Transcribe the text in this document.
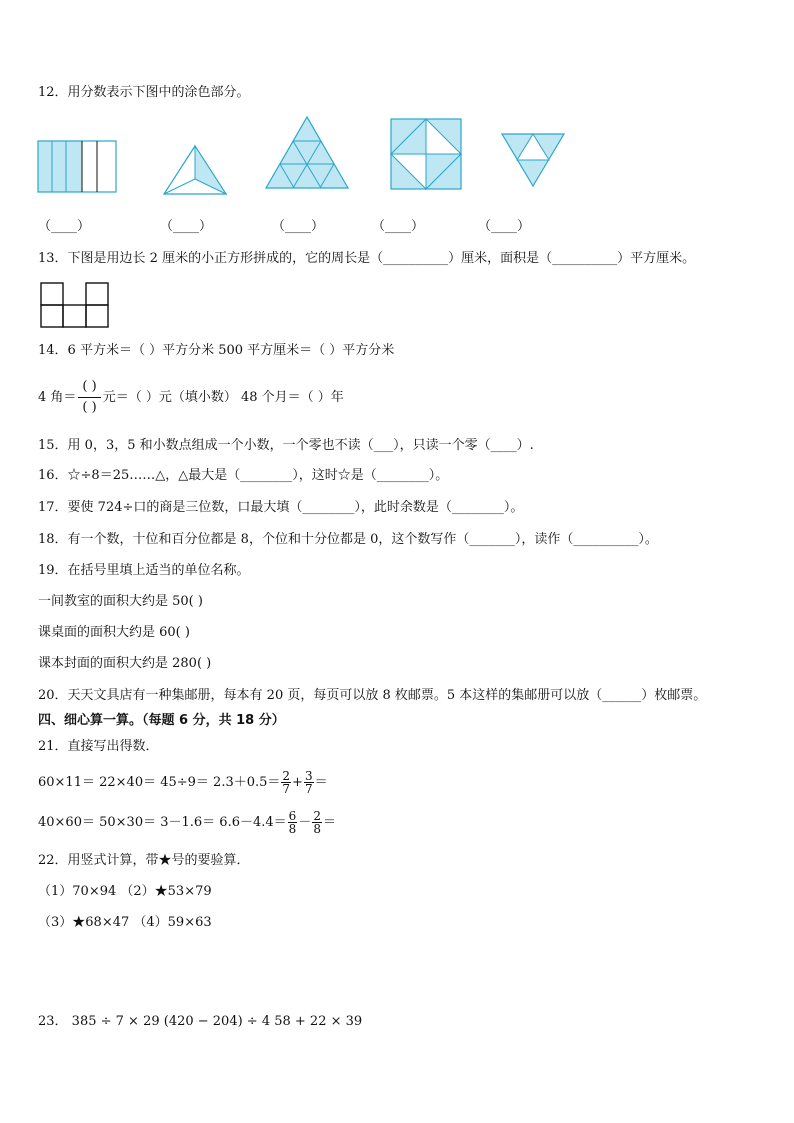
12．用分数表示下图中的涂色部分。
（____）	（____）	（____）	（____）	（____）
13．下图是用边长 2 厘米的小正方形拼成的，它的周长是（__________）厘米，面积是（__________）平方厘米。
14．6 平方米＝（ ）平方分米 500 平方厘米＝（ ）平方分米
4 角＝ $\frac{( )}{( )}$ 元＝（ ）元（填小数） 48 个月＝（ ）年
15．用 0，3，5 和小数点组成一个小数，一个零也不读（___），只读一个零（____）.
16．☆÷8＝25……△，△最大是（________），这时☆是（________）。
17．要使 724÷口的商是三位数，口最大填（________），此时余数是（________）。
18．有一个数，十位和百分位都是 8，个位和十分位都是 0，这个数写作（_______），读作（__________）。
19．在括号里填上适当的单位名称。
一间教室的面积大约是 50( )
课桌面的面积大约是 60( )
课本封面的面积大约是 280( )
20．天天文具店有一种集邮册，每本有 20 页，每页可以放 8 枚邮票。5 本这样的集邮册可以放（______）枚邮票。
四、细心算一算。（每题 6 分，共 18 分）
21．直接写出得数．
$60\times 11= 22\times 40= 45\div 9= 2.3+0.5= \frac{2}{7} + \frac{3}{7}$ ＝
$40\times 60= 50\times 30= 3-1.6= 6.6-4.4= \frac{6}{8} - \frac{2}{8}$ ＝
22．用竖式计算，带★号的要验算．
（1）70×94 （2）★53×79
（3）★68×47 （4）59×63
23． 385 ÷ 7 × 29 (420 − 204) ÷ 4 58 + 22 × 39
